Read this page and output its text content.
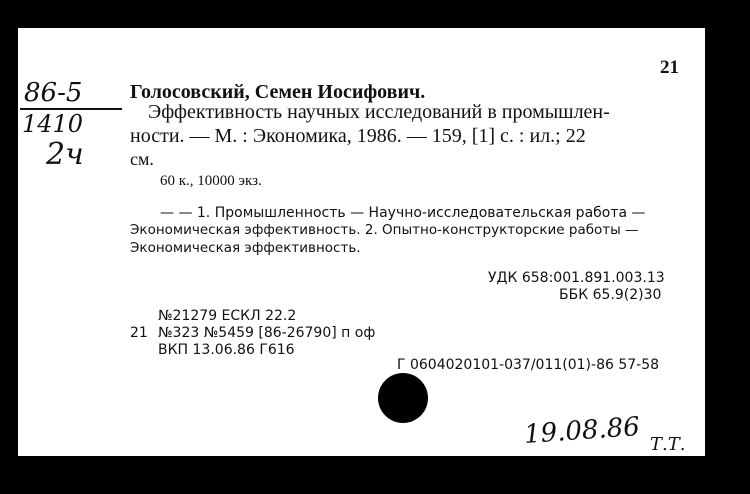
21
86-5
1410
2ч
Голосовский, Семен Иосифович.
Эффективность научных исследований в промышлен-
ности. — М. : Экономика, 1986. — 159, [1] с. : ил.; 22
см.
60 к., 10000 экз.
— — 1. Промышленность — Научно-исследовательская работа —
Экономическая эффективность. 2. Опытно-конструкторские работы —
Экономическая эффективность.
УДК 658:001.891.003.13
ББК 65.9(2)30
№21279 ЕСКЛ 22.2
21 №323 №5459 [86-26790] п оф
ВКП 13.06.86 Г616
Г 0604020101-037/011(01)-86 57-58
19.08.86 Т.Т.
